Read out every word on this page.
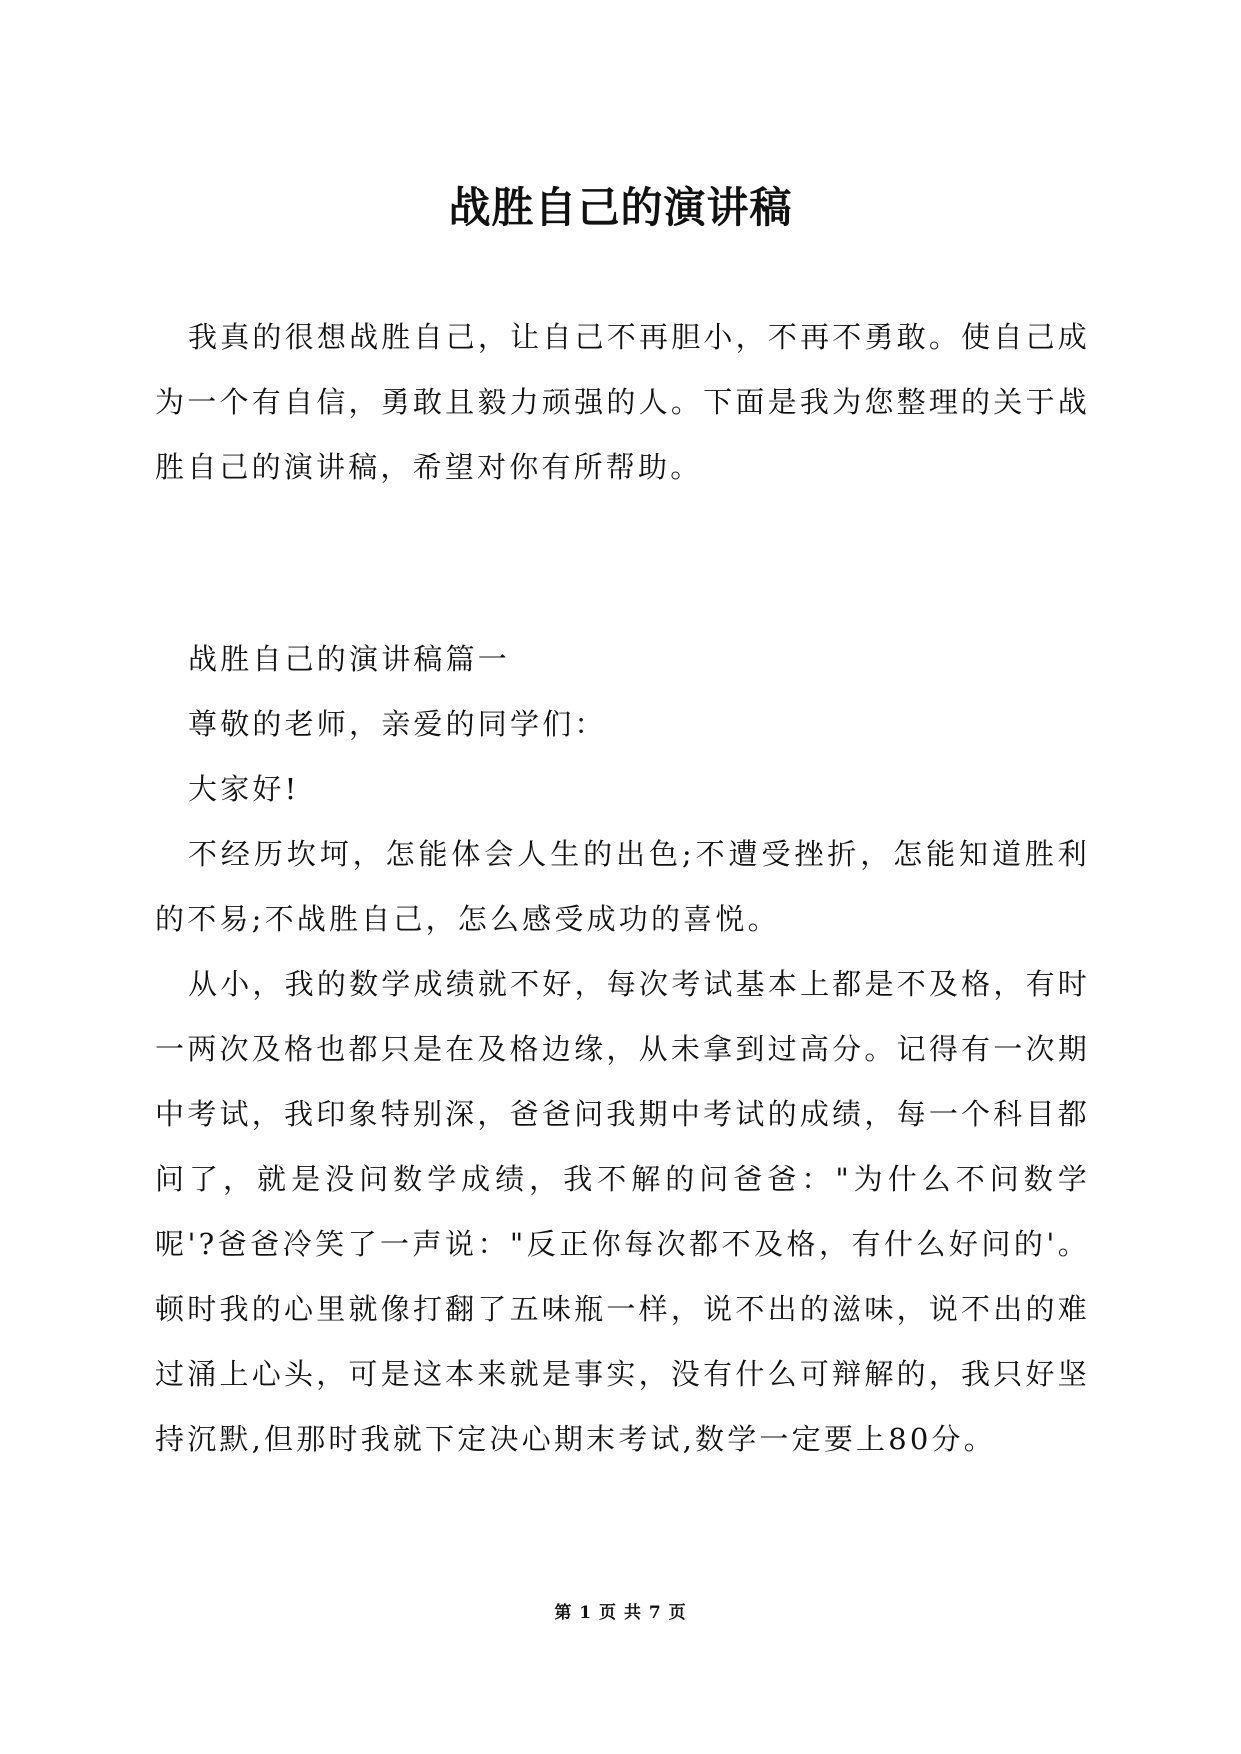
战胜自己的演讲稿

我真的很想战胜自己，让自己不再胆小，不再不勇敢。使自己成为一个有自信，勇敢且毅力顽强的人。下面是我为您整理的关于战胜自己的演讲稿，希望对你有所帮助。

战胜自己的演讲稿篇一

尊敬的老师，亲爱的同学们：

大家好!

不经历坎坷，怎能体会人生的出色;不遭受挫折，怎能知道胜利的不易;不战胜自己，怎么感受成功的喜悦。

从小，我的数学成绩就不好，每次考试基本上都是不及格，有时一两次及格也都只是在及格边缘，从未拿到过高分。记得有一次期中考试，我印象特别深，爸爸问我期中考试的成绩，每一个科目都问了，就是没问数学成绩，我不解的问爸爸："为什么不问数学呢'?爸爸冷笑了一声说："反正你每次都不及格，有什么好问的'。顿时我的心里就像打翻了五味瓶一样，说不出的滋味，说不出的难过涌上心头，可是这本来就是事实，没有什么可辩解的，我只好坚持沉默,但那时我就下定决心期末考试,数学一定要上80分。

第 1 页 共 7 页
